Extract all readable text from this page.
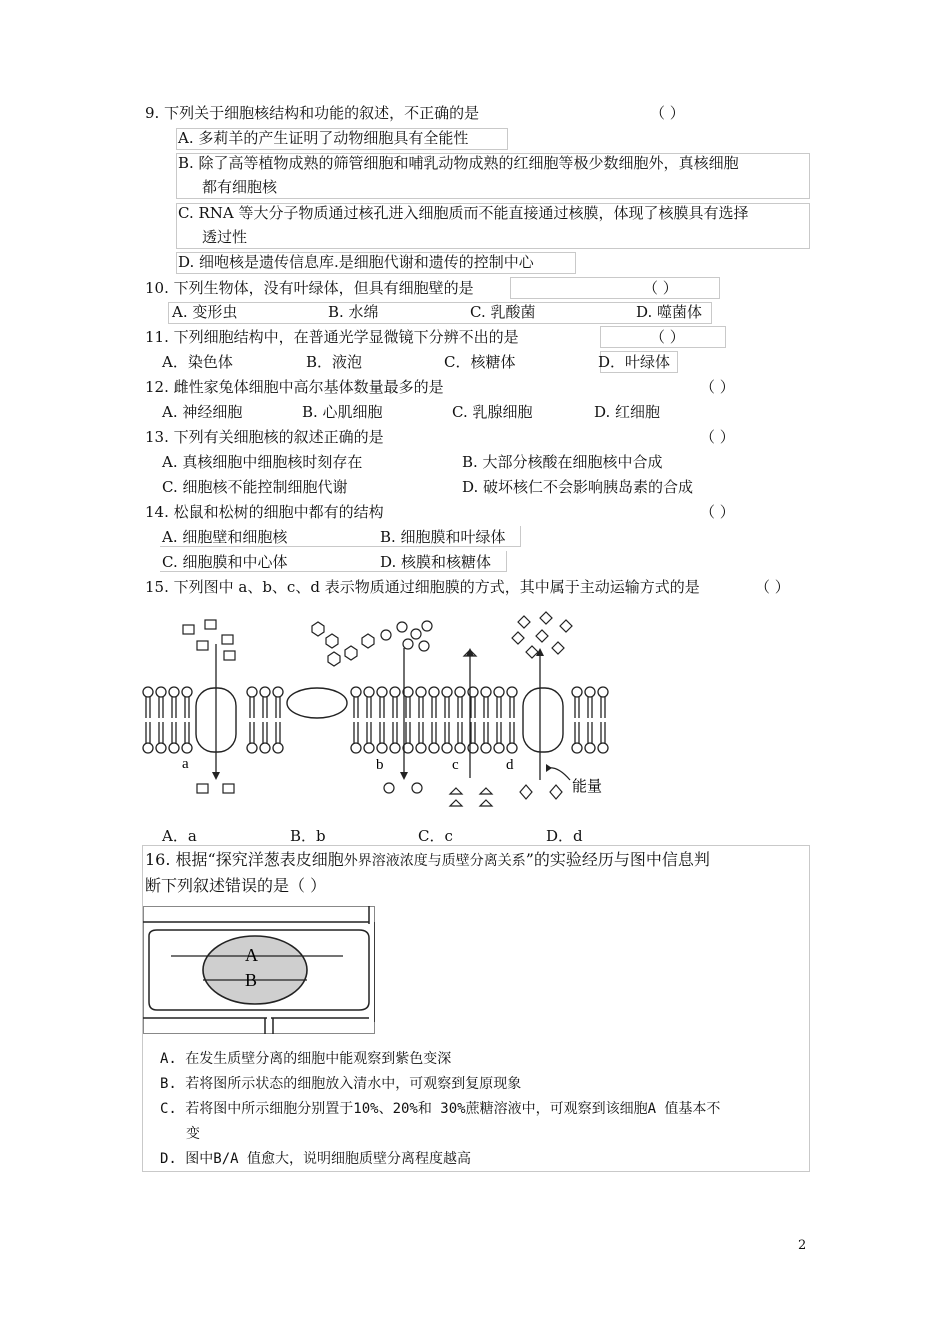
9. 下列关于细胞核结构和功能的叙述，不正确的是	（ ）
A. 多莉羊的产生证明了动物细胞具有全能性
B. 除了高等植物成熟的筛管细胞和哺乳动物成熟的红细胞等极少数细胞外，真核细胞
都有细胞核
C. RNA 等大分子物质通过核孔进入细胞质而不能直接通过核膜，体现了核膜具有选择
透过性
D. 细咆核是遗传信息库.是细胞代谢和遗传的控制中心
10. 下列生物体，没有叶绿体，但具有细胞壁的是	（ ）
A. 变形虫	B. 水绵	C. 乳酸菌	D. 噬菌体
11. 下列细胞结构中，在普通光学显微镜下分辨不出的是	（ ）
A．染色体	B．液泡	C．核糖体	D．叶绿体
12. 雌性家兔体细胞中高尔基体数量最多的是	（ ）
A. 神经细胞	B. 心肌细胞	C. 乳腺细胞	D. 红细胞
13. 下列有关细胞核的叙述正确的是	（ ）
A. 真核细胞中细胞核时刻存在	B. 大部分核酸在细胞核中合成
C. 细胞核不能控制细胞代谢	D. 破坏核仁不会影响胰岛素的合成
14. 松鼠和松树的细胞中都有的结构	（ ）
A. 细胞壁和细胞核	B. 细胞膜和叶绿体
C. 细胞膜和中心体	D. 核膜和核糖体
15. 下列图中 a、b、c、d 表示物质通过细胞膜的方式，其中属于主动运输方式的是	（ ）
a	b	c	d
能量
A．a	B．b	C．c	D．d
16. 根据“探究洋葱表皮细胞外界溶液浓度与质壁分离关系”的实验经历与图中信息判
断下列叙述错误的是（ ）
A
B
A. 在发生质壁分离的细胞中能观察到紫色变深
B. 若将图所示状态的细胞放入清水中，可观察到复原现象
C. 若将图中所示细胞分别置于10%、20%和 30%蔗糖溶液中，可观察到该细胞A 值基本不
变
D. 图中B/A 值愈大，说明细胞质壁分离程度越高
2
